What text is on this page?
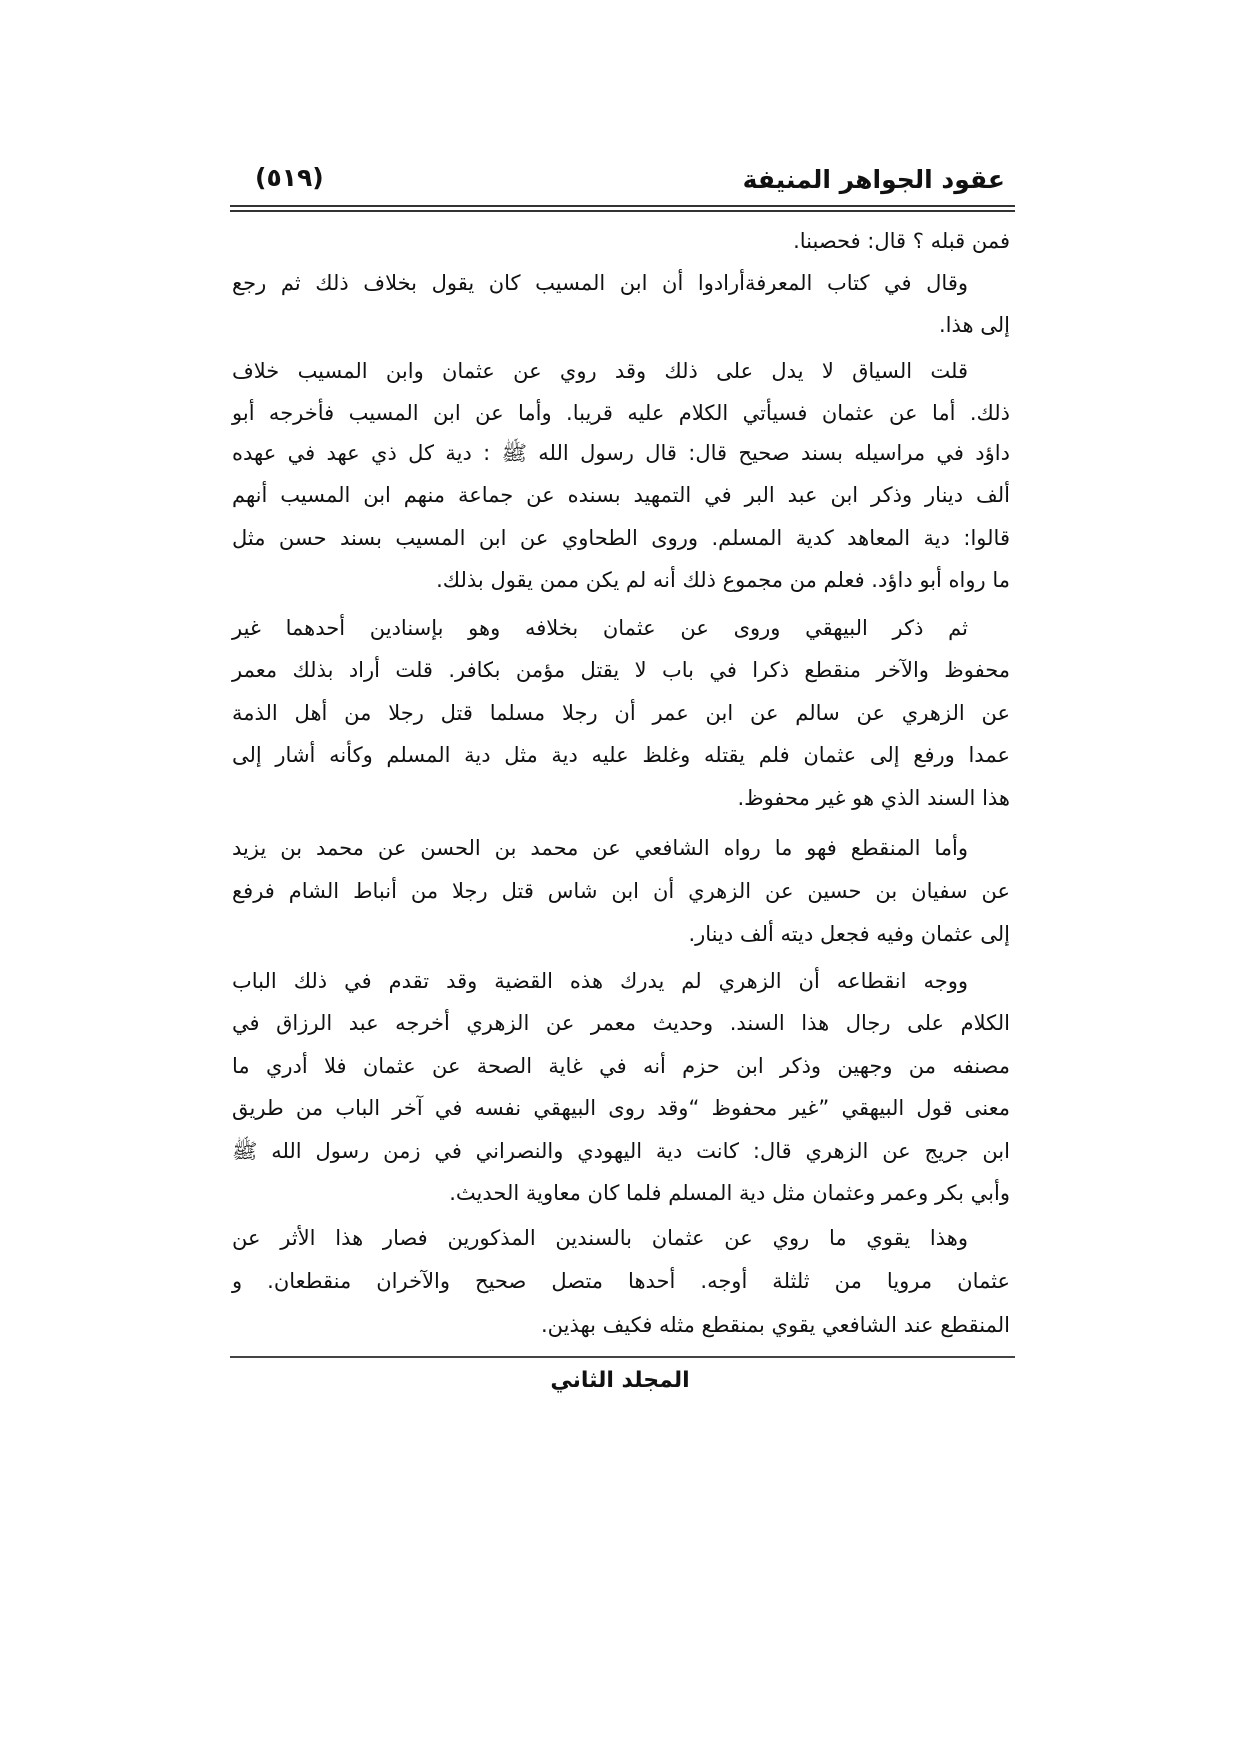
عقود الجواهر المنيفة
(٥١٩)
فمن قبله ؟ قال: فحصبنا.
وقال في كتاب المعرفةأرادوا أن ابن المسيب كان يقول بخلاف ذلك ثم رجع
إلى هذا.
قلت السياق لا يدل على ذلك وقد روي عن عثمان وابن المسيب خلاف
ذلك. أما عن عثمان فسيأتي الكلام عليه قريبا. وأما عن ابن المسيب فأخرجه أبو
داؤد في مراسيله بسند صحيح قال: قال رسول الله ﷺ : دية كل ذي عهد في عهده
ألف دينار وذكر ابن عبد البر في التمهيد بسنده عن جماعة منهم ابن المسيب أنهم
قالوا: دية المعاهد كدية المسلم. وروى الطحاوي عن ابن المسيب بسند حسن مثل
ما رواه أبو داؤد. فعلم من مجموع ذلك أنه لم يكن ممن يقول بذلك.
ثم ذكر البيهقي وروى عن عثمان بخلافه وهو بإسنادين أحدهما غير
محفوظ والآخر منقطع ذكرا في باب لا يقتل مؤمن بكافر. قلت أراد بذلك معمر
عن الزهري عن سالم عن ابن عمر أن رجلا مسلما قتل رجلا من أهل الذمة
عمدا ورفع إلى عثمان فلم يقتله وغلظ عليه دية مثل دية المسلم وكأنه أشار إلى
هذا السند الذي هو غير محفوظ.
وأما المنقطع فهو ما رواه الشافعي عن محمد بن الحسن عن محمد بن يزيد
عن سفيان بن حسين عن الزهري أن ابن شاس قتل رجلا من أنباط الشام فرفع
إلى عثمان وفيه فجعل ديته ألف دينار.
ووجه انقطاعه أن الزهري لم يدرك هذه القضية وقد تقدم في ذلك الباب
الكلام على رجال هذا السند. وحديث معمر عن الزهري أخرجه عبد الرزاق في
مصنفه من وجهين وذكر ابن حزم أنه في غاية الصحة عن عثمان فلا أدري ما
معنى قول البيهقي ”غير محفوظ “وقد روى البيهقي نفسه في آخر الباب من طريق
ابن جريج عن الزهري قال: كانت دية اليهودي والنصراني في زمن رسول الله ﷺ
وأبي بكر وعمر وعثمان مثل دية المسلم فلما كان معاوية الحديث.
وهذا يقوي ما روي عن عثمان بالسندين المذكورين فصار هذا الأثر عن
عثمان مرويا من ثلثلة أوجه. أحدها متصل صحيح والآخران منقطعان. و
المنقطع عند الشافعي يقوي بمنقطع مثله فكيف بهذين.
المجلد الثاني
